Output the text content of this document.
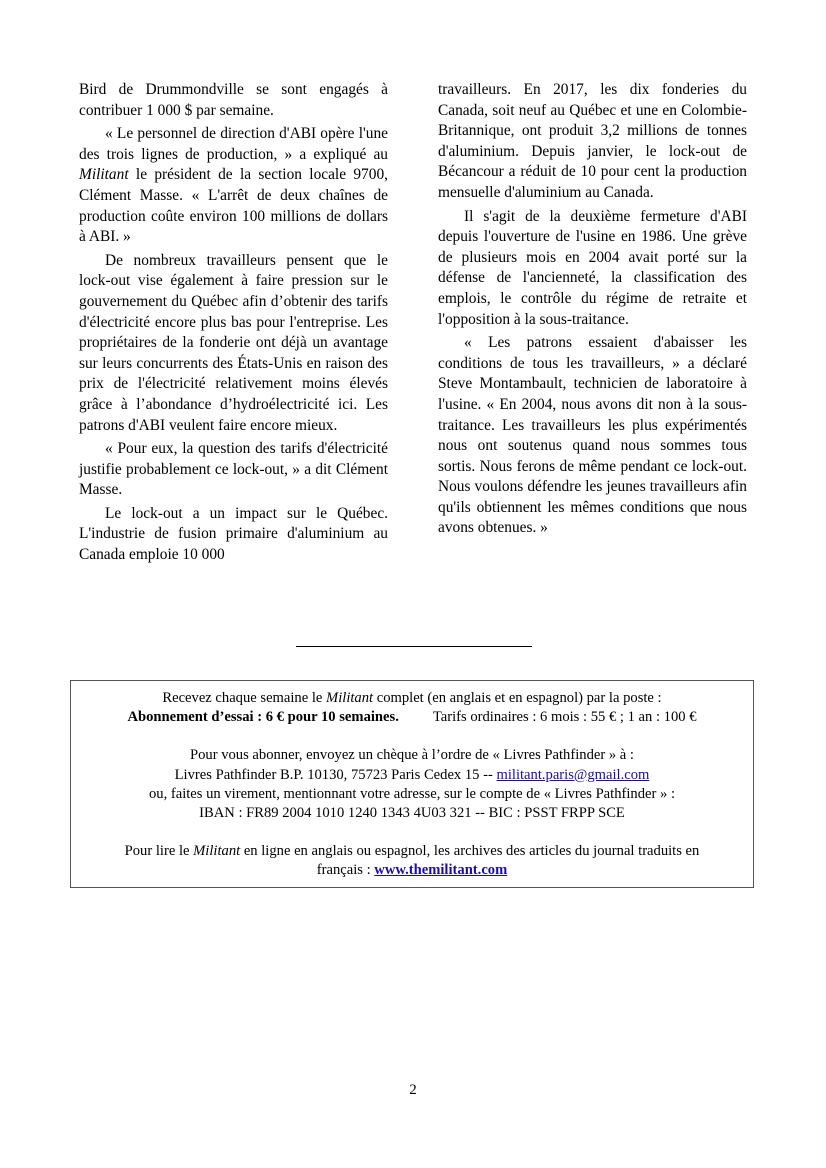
Bird de Drummondville se sont engagés à contribuer 1 000 $ par semaine.

« Le personnel de direction d'ABI opère l'une des trois lignes de production, » a expliqué au Militant le président de la section locale 9700, Clément Masse. « L'arrêt de deux chaînes de production coûte environ 100 millions de dollars à ABI. »

De nombreux travailleurs pensent que le lock-out vise également à faire pression sur le gouvernement du Québec afin d’obtenir des tarifs d'électricité encore plus bas pour l'entreprise. Les propriétaires de la fonderie ont déjà un avantage sur leurs concurrents des États-Unis en raison des prix de l'électricité relativement moins élevés grâce à l’abondance d’hydroélectricité ici. Les patrons d'ABI veulent faire encore mieux.

« Pour eux, la question des tarifs d'électricité justifie probablement ce lock-out, » a dit Clément Masse.

Le lock-out a un impact sur le Québec. L'industrie de fusion primaire d'aluminium au Canada emploie 10 000

travailleurs. En 2017, les dix fonderies du Canada, soit neuf au Québec et une en Colombie-Britannique, ont produit 3,2 millions de tonnes d'aluminium. Depuis janvier, le lock-out de Bécancour a réduit de 10 pour cent la production mensuelle d'aluminium au Canada.

Il s'agit de la deuxième fermeture d'ABI depuis l'ouverture de l'usine en 1986. Une grève de plusieurs mois en 2004 avait porté sur la défense de l'ancienneté, la classification des emplois, le contrôle du régime de retraite et l'opposition à la sous-traitance.

« Les patrons essaient d'abaisser les conditions de tous les travailleurs, » a déclaré Steve Montambault, technicien de laboratoire à l'usine. « En 2004, nous avons dit non à la sous-traitance. Les travailleurs les plus expérimentés nous ont soutenus quand nous sommes tous sortis. Nous ferons de même pendant ce lock-out. Nous voulons défendre les jeunes travailleurs afin qu'ils obtiennent les mêmes conditions que nous avons obtenues. »

Recevez chaque semaine le Militant complet (en anglais et en espagnol) par la poste :
Abonnement d’essai : 6 € pour 10 semaines. Tarifs ordinaires : 6 mois : 55 € ; 1 an : 100 €
Pour vous abonner, envoyez un chèque à l’ordre de « Livres Pathfinder » à :
Livres Pathfinder B.P. 10130, 75723 Paris Cedex 15 -- militant.paris@gmail.com
ou, faites un virement, mentionnant votre adresse, sur le compte de « Livres Pathfinder » :
IBAN : FR89 2004 1010 1240 1343 4U03 321 -- BIC : PSST FRPP SCE
Pour lire le Militant en ligne en anglais ou espagnol, les archives des articles du journal traduits en
français : www.themilitant.com
2
